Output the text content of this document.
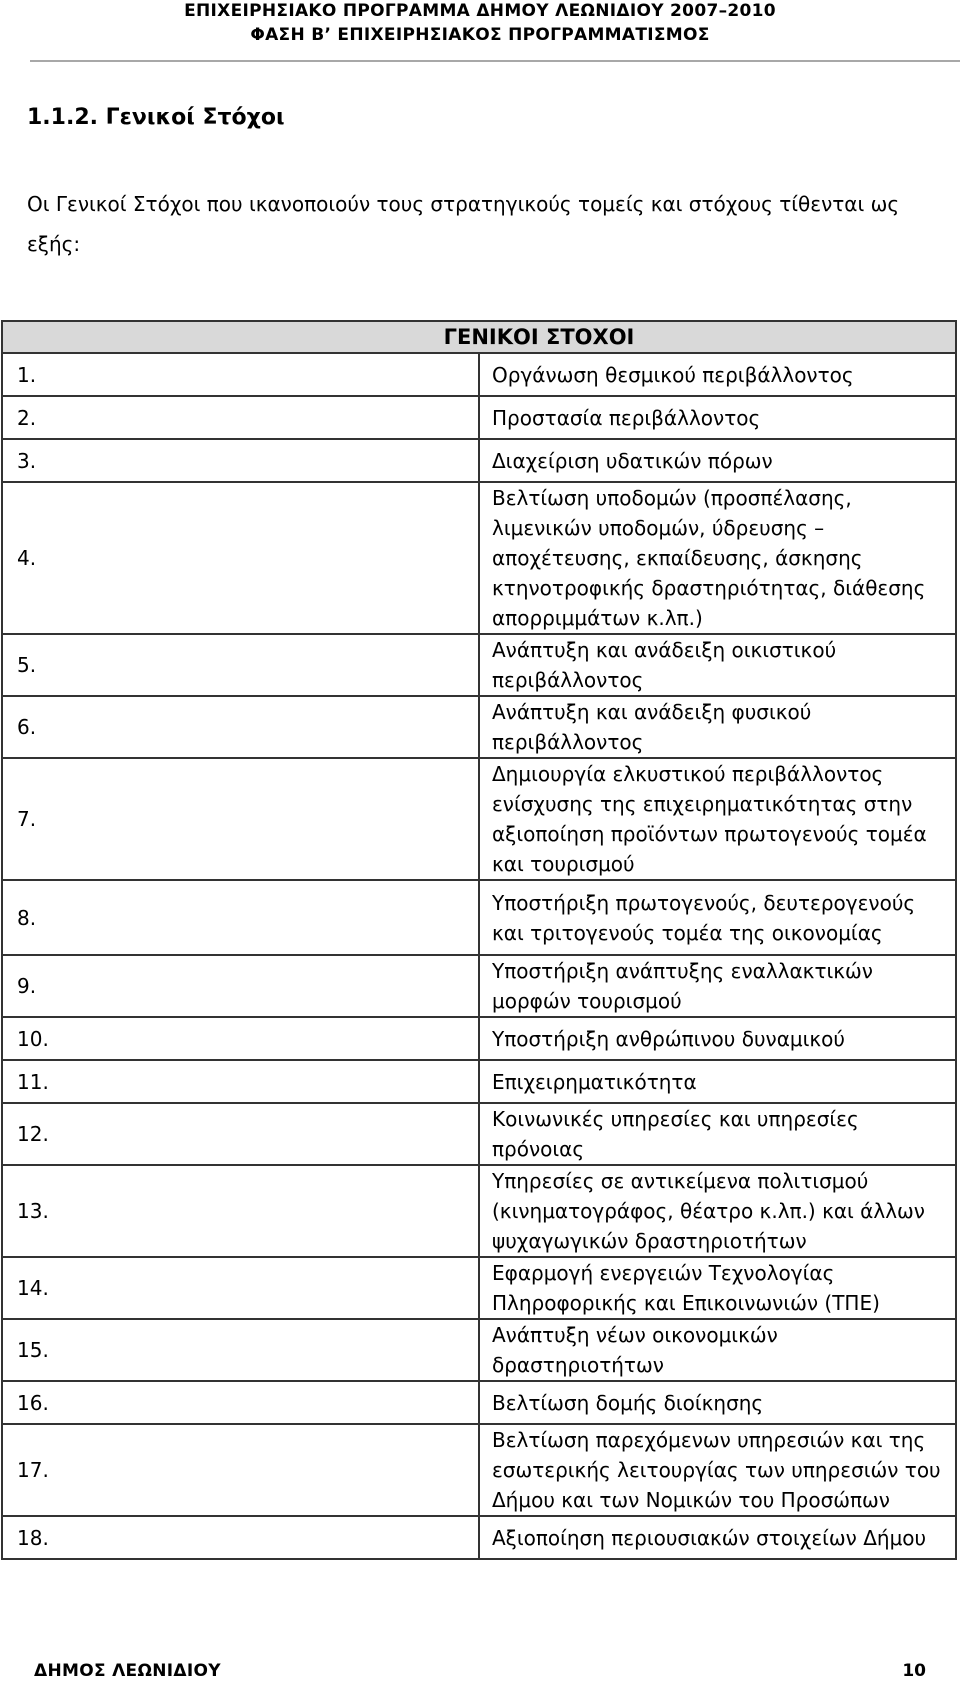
ΕΠΙΧΕΙΡΗΣΙΑΚΟ ΠΡΟΓΡΑΜΜΑ ΔΗΜΟΥ ΛΕΩΝΙΔΙΟΥ 2007–2010
ΦΑΣΗ Β’ ΕΠΙΧΕΙΡΗΣΙΑΚΟΣ ΠΡΟΓΡΑΜΜΑΤΙΣΜΟΣ
1.1.2. Γενικοί Στόχοι
Οι Γενικοί Στόχοι που ικανοποιούν τους στρατηγικούς τομείς και στόχους τίθενται ως εξής:
ΓΕΝΙΚΟΙ ΣΤΟΧΟΙ	
1.	Οργάνωση θεσμικού περιβάλλοντος
2.	Προστασία περιβάλλοντος
3.	Διαχείριση υδατικών πόρων
4.	Βελτίωση υποδομών (προσπέλασης, λιμενικών υποδομών, ύδρευσης – αποχέτευσης, εκπαίδευσης, άσκησης κτηνοτροφικής δραστηριότητας, διάθεσης απορριμμάτων κ.λπ.)
5.	Ανάπτυξη και ανάδειξη οικιστικού περιβάλλοντος
6.	Ανάπτυξη και ανάδειξη φυσικού περιβάλλοντος
7.	Δημιουργία ελκυστικού περιβάλλοντος ενίσχυσης της επιχειρηματικότητας στην αξιοποίηση προϊόντων πρωτογενούς τομέα και τουρισμού
8.	Υποστήριξη πρωτογενούς, δευτερογενούς και τριτογενούς τομέα της οικονομίας
9.	Υποστήριξη ανάπτυξης εναλλακτικών μορφών τουρισμού
10.	Υποστήριξη ανθρώπινου δυναμικού
11.	Επιχειρηματικότητα
12.	Κοινωνικές υπηρεσίες και υπηρεσίες πρόνοιας
13.	Υπηρεσίες σε αντικείμενα πολιτισμού (κινηματογράφος, θέατρο κ.λπ.) και άλλων ψυχαγωγικών δραστηριοτήτων
14.	Εφαρμογή ενεργειών Τεχνολογίας Πληροφορικής και Επικοινωνιών (ΤΠΕ)
15.	Ανάπτυξη νέων οικονομικών δραστηριοτήτων
16.	Βελτίωση δομής διοίκησης
17.	Βελτίωση παρεχόμενων υπηρεσιών και της εσωτερικής λειτουργίας των υπηρεσιών του Δήμου και των Νομικών του Προσώπων
18.	Αξιοποίηση περιουσιακών στοιχείων Δήμου
ΔΗΜΟΣ ΛΕΩΝΙΔΙΟΥ	10
